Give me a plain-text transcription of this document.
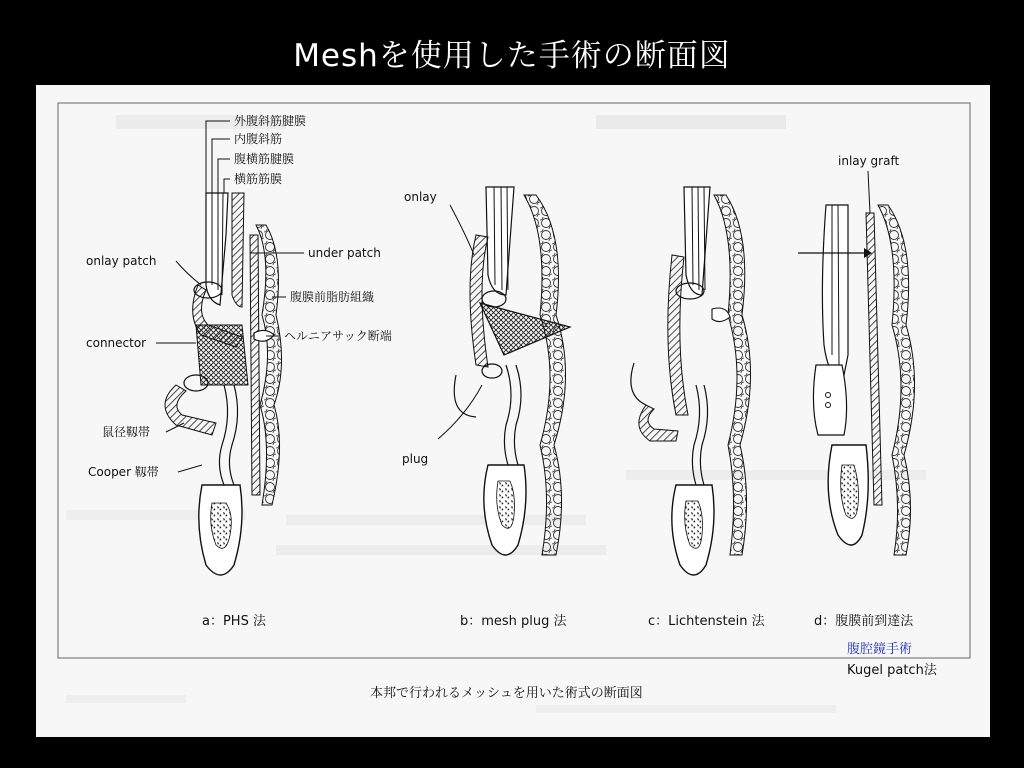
Meshを使用した手術の断面図
外腹斜筋腱膜
内腹斜筋
腹横筋腱膜
横筋筋膜
onlay patch
under patch
腹膜前脂肪組織
connector	ヘルニアサック断端
鼠径靱帯
Cooper 靱帯
onlay
plug
inlay graft
a：PHS 法	b：mesh plug 法	c：Lichtenstein 法	d：腹膜前到達法
本邦で行われるメッシュを用いた術式の断面図
腹腔鏡手術
Kugel patch法
